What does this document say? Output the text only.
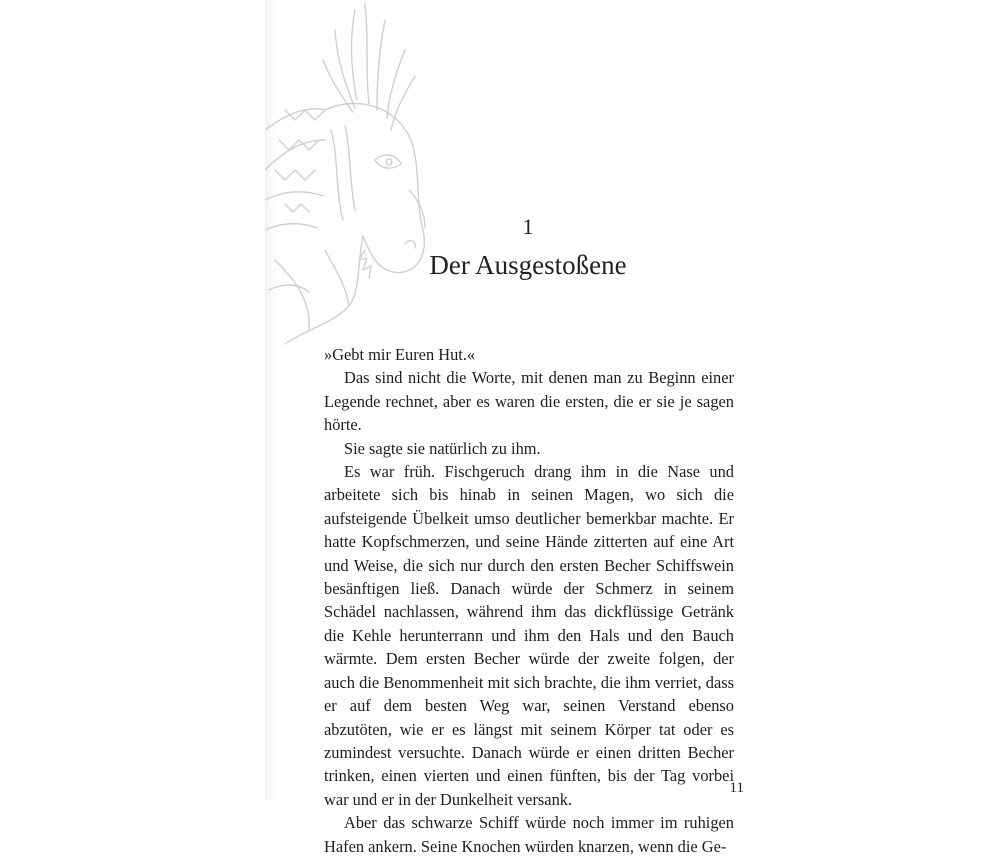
1
Der Ausgestoßene

»Gebt mir Euren Hut.«

Das sind nicht die Worte, mit denen man zu Beginn einer Legende rechnet, aber es waren die ersten, die er sie je sagen hörte.

Sie sagte sie natürlich zu ihm.

Es war früh. Fischgeruch drang ihm in die Nase und arbeitete sich bis hinab in seinen Magen, wo sich die aufsteigende Übelkeit umso deutlicher bemerkbar machte. Er hatte Kopfschmerzen, und seine Hände zitterten auf eine Art und Weise, die sich nur durch den ersten Becher Schiffswein besänftigen ließ. Danach würde der Schmerz in seinem Schädel nachlassen, während ihm das dickflüssige Getränk die Kehle herunterrann und ihm den Hals und den Bauch wärmte. Dem ersten Becher würde der zweite folgen, der auch die Benommenheit mit sich brachte, die ihm verriet, dass er auf dem besten Weg war, seinen Verstand ebenso abzutöten, wie er es längst mit seinem Körper tat oder es zumindest versuchte. Danach würde er einen dritten Becher trinken, einen vierten und einen fünften, bis der Tag vorbei war und er in der Dunkelheit versank.

Aber das schwarze Schiff würde noch immer im ruhigen Hafen ankern. Seine Knochen würden knarzen, wenn die Ge-

11
